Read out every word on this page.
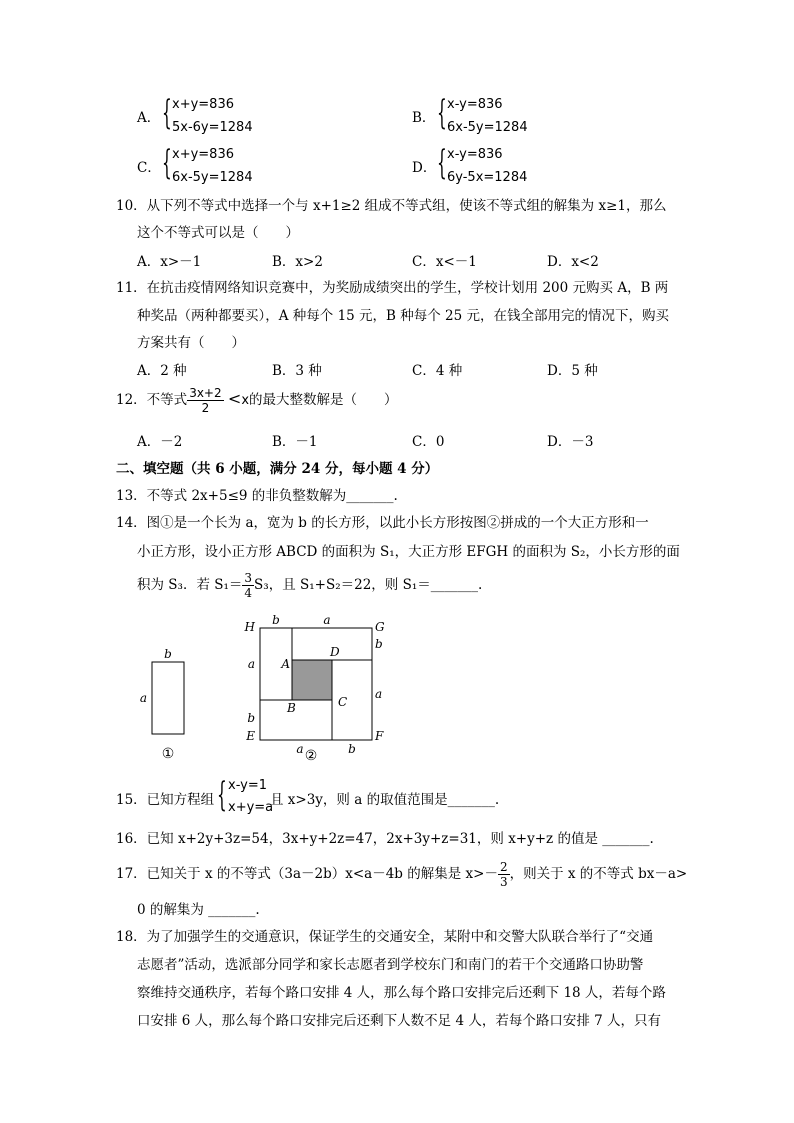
A． { x+y=836
5x-6y=1284
B． { x-y=836
6x-5y=1284
C． { x+y=836
6x-5y=1284
D． { x-y=836
6y-5x=1284
10．从下列不等式中选择一个与 x+1≥2 组成不等式组，使该不等式组的解集为 x≥1，那么
这个不等式可以是（　　）
A．x>－1	B．x>2	C．x<－1	D．x<2
11．在抗击疫情网络知识竞赛中，为奖励成绩突出的学生，学校计划用 200 元购买 A，B 两
种奖品（两种都要买），A 种每个 15 元，B 种每个 25 元，在钱全部用完的情况下，购买
方案共有（　　）
A．2 种	B．3 种	C．4 种	D．5 种
12．不等式 $\frac{3x+2}{2} <x$的最大整数解是（　　）
A．－2	B．－1	C．0	D．－3
二、填空题（共 6 小题，满分 24 分，每小题 4 分）
13．不等式 2x+5≤9 的非负整数解为_______.
14．图①是一个长为 a，宽为 b 的长方形，以此小长方形按图②拼成的一个大正方形和一
小正方形，设小正方形 ABCD 的面积为 S₁，大正方形 EFGH 的面积为 S₂，小长方形的面
积为 S₃．若 $S_1= \frac{3}{4} S_3$，且 S₁+S₂＝22，则 S₁＝_______.
b
a
①
H	G
E	F
A
D
B	C
b	a
b
a
a
b
a	b
②
15．已知方程组 { x-y=1
x+y=a
且 x>3y，则 a 的取值范围是_______.
16．已知 x+2y+3z=54，3x+y+2z=47，2x+3y+z=31，则 x+y+z 的值是 _______.
17．已知关于 x 的不等式（3a－2b）x<a－4b 的解集是 $x>- \frac{2}{3}$ ，则关于 x 的不等式 bx－a>
0 的解集为 _______.
18．为了加强学生的交通意识，保证学生的交通安全，某附中和交警大队联合举行了“交通
志愿者”活动，选派部分同学和家长志愿者到学校东门和南门的若干个交通路口协助警
察维持交通秩序，若每个路口安排 4 人，那么每个路口安排完后还剩下 18 人，若每个路
口安排 6 人，那么每个路口安排完后还剩下人数不足 4 人，若每个路口安排 7 人，只有
